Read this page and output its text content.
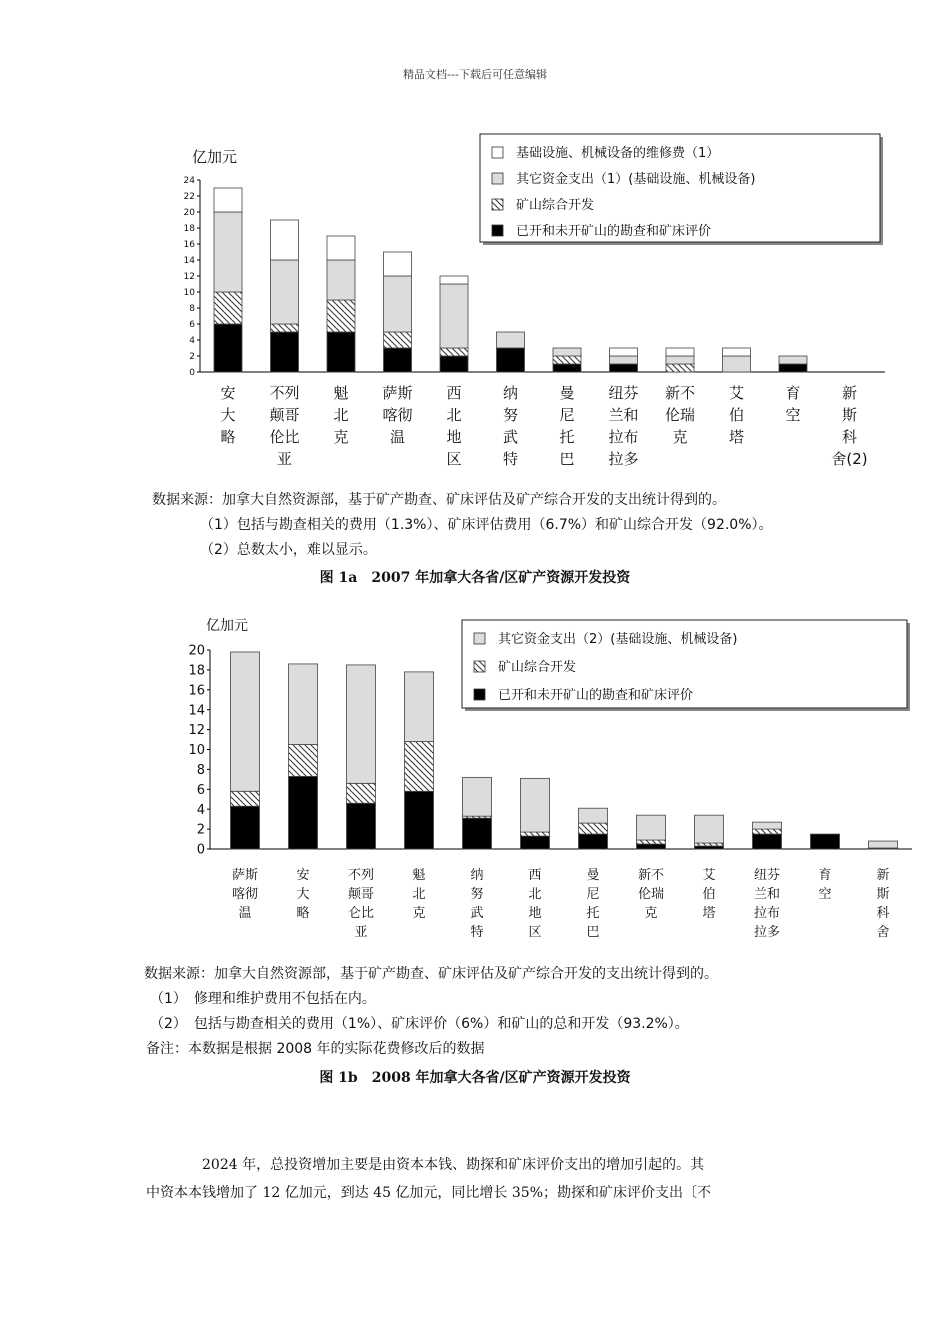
精品文档---下载后可任意编辑
亿加元
0
2
4
6
8
10
12
14
16
18
20
22
24
安
大
略
不列
颠哥
伦比
亚
魁
北
克
萨斯
喀彻
温
西
北
地
区
纳
努
武
特
曼
尼
托
巴
纽芬
兰和
拉布
拉多
新不
伦瑞
克
艾
伯
塔
育
空
新
斯
科
舍(2)
基础设施、机械设备的维修费（1）
其它资金支出（1）(基础设施、机械设备)
矿山综合开发
已开和未开矿山的勘查和矿床评价
数据来源：加拿大自然资源部，基于矿产勘查、矿床评估及矿产综合开发的支出统计得到的。
（1）包括与勘查相关的费用（1.3%）、矿床评估费用（6.7%）和矿山综合开发（92.0%）。
（2）总数太小，难以显示。
图 1a　2007 年加拿大各省/区矿产资源开发投资
亿加元
0
2
4
6
8
10
12
14
16
18
20
萨斯
喀彻
温
安
大
略
不列
颠哥
仑比
亚
魁
北
克
纳
努
武
特
西
北
地
区
曼
尼
托
巴
新不
伦瑞
克
艾
伯
塔
纽芬
兰和
拉布
拉多
育
空
新
斯
科
舍
其它资金支出（2）(基础设施、机械设备)
矿山综合开发
已开和未开矿山的勘查和矿床评价
数据来源：加拿大自然资源部，基于矿产勘查、矿床评估及矿产综合开发的支出统计得到的。
（1）　修理和维护费用不包括在内。
（2）　包括与勘查相关的费用（1%）、矿床评价（6%）和矿山的总和开发（93.2%）。
备注：本数据是根据 2008 年的实际花费修改后的数据
图 1b　2008 年加拿大各省/区矿产资源开发投资
2024 年，总投资增加主要是由资本本钱、勘探和矿床评价支出的增加引起的。其
中资本本钱增加了 12 亿加元，到达 45 亿加元，同比增长 35%；勘探和矿床评价支出〔不
